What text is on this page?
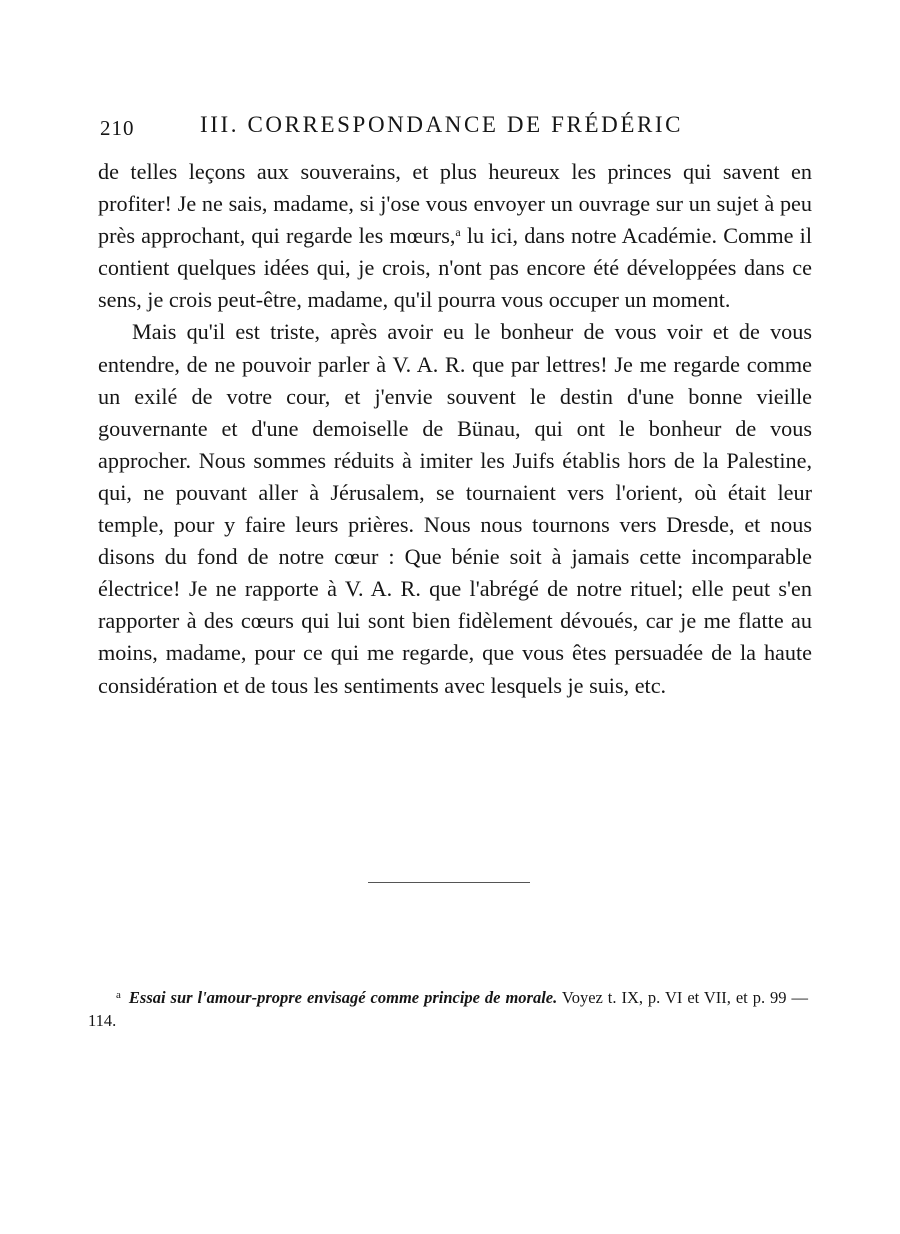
210	III. CORRESPONDANCE DE FRÉDÉRIC

de telles leçons aux souverains, et plus heureux les princes qui savent en profiter! Je ne sais, madame, si j'ose vous envoyer un ouvrage sur un sujet à peu près approchant, qui regarde les mœurs,$^a$ lu ici, dans notre Académie. Comme il contient quelques idées qui, je crois, n'ont pas encore été développées dans ce sens, je crois peut-être, madame, qu'il pourra vous occuper un moment.

Mais qu'il est triste, après avoir eu le bonheur de vous voir et de vous entendre, de ne pouvoir parler à V. A. R. que par lettres! Je me regarde comme un exilé de votre cour, et j'envie souvent le destin d'une bonne vieille gouvernante et d'une demoiselle de Bünau, qui ont le bonheur de vous approcher. Nous sommes réduits à imiter les Juifs établis hors de la Palestine, qui, ne pouvant aller à Jérusalem, se tournaient vers l'orient, où était leur temple, pour y faire leurs prières. Nous nous tournons vers Dresde, et nous disons du fond de notre cœur : Que bénie soit à jamais cette incomparable électrice! Je ne rapporte à V. A. R. que l'abrégé de notre rituel; elle peut s'en rapporter à des cœurs qui lui sont bien fidèlement dévoués, car je me flatte au moins, madame, pour ce qui me regarde, que vous êtes persuadée de la haute considération et de tous les sentiments avec lesquels je suis, etc.

a Essai sur l'amour-propre envisagé comme principe de morale. Voyez t. IX, p. VI et VII, et p. 99 — 114.
